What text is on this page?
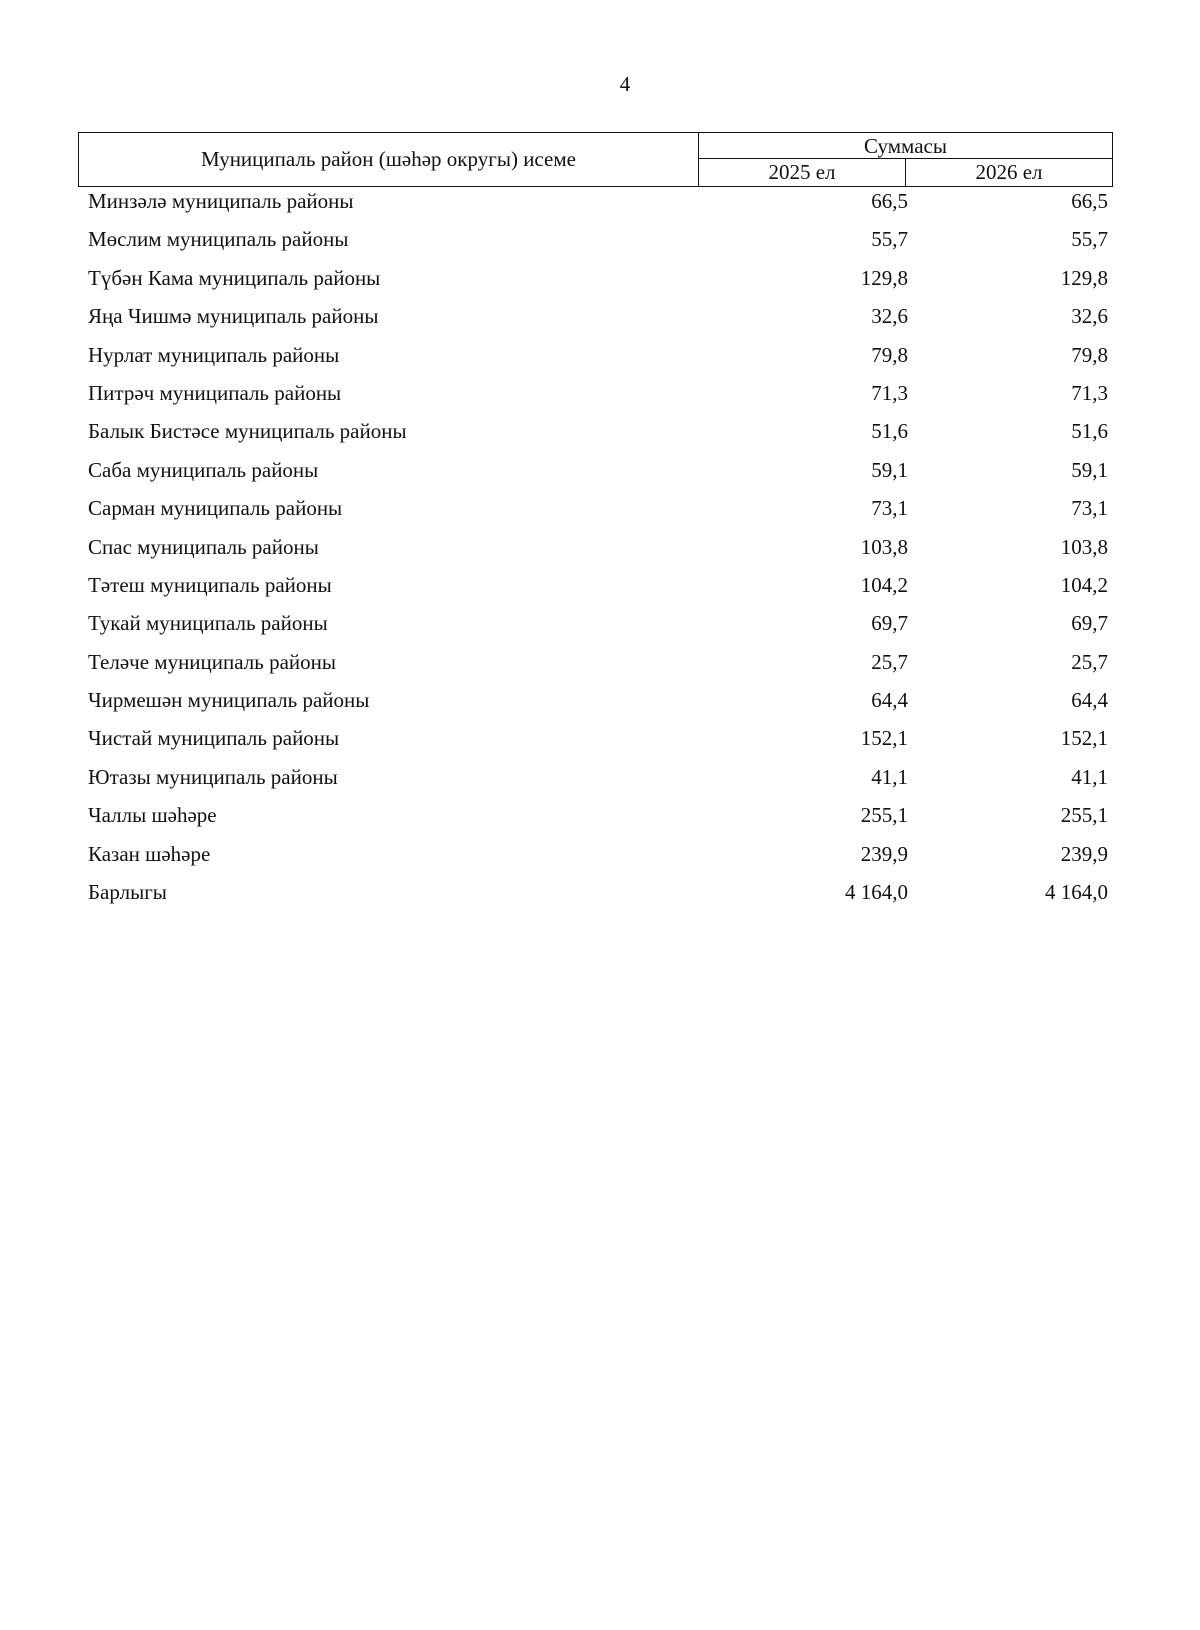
4
Муниципаль район (шәһәр округы) исеме
Суммасы
2025 ел	2026 ел
Минзәлә муниципаль районы	66,5	66,5
Мөслим муниципаль районы	55,7	55,7
Түбән Кама муниципаль районы	129,8	129,8
Яңа Чишмә муниципаль районы	32,6	32,6
Нурлат муниципаль районы	79,8	79,8
Питрәч муниципаль районы	71,3	71,3
Балык Бистәсе муниципаль районы	51,6	51,6
Саба муниципаль районы	59,1	59,1
Сарман муниципаль районы	73,1	73,1
Спас муниципаль районы	103,8	103,8
Тәтеш муниципаль районы	104,2	104,2
Тукай муниципаль районы	69,7	69,7
Теләче муниципаль районы	25,7	25,7
Чирмешән муниципаль районы	64,4	64,4
Чистай муниципаль районы	152,1	152,1
Ютазы муниципаль районы	41,1	41,1
Чаллы шәһәре	255,1	255,1
Казан шәһәре	239,9	239,9
Барлыгы	4 164,0	4 164,0
